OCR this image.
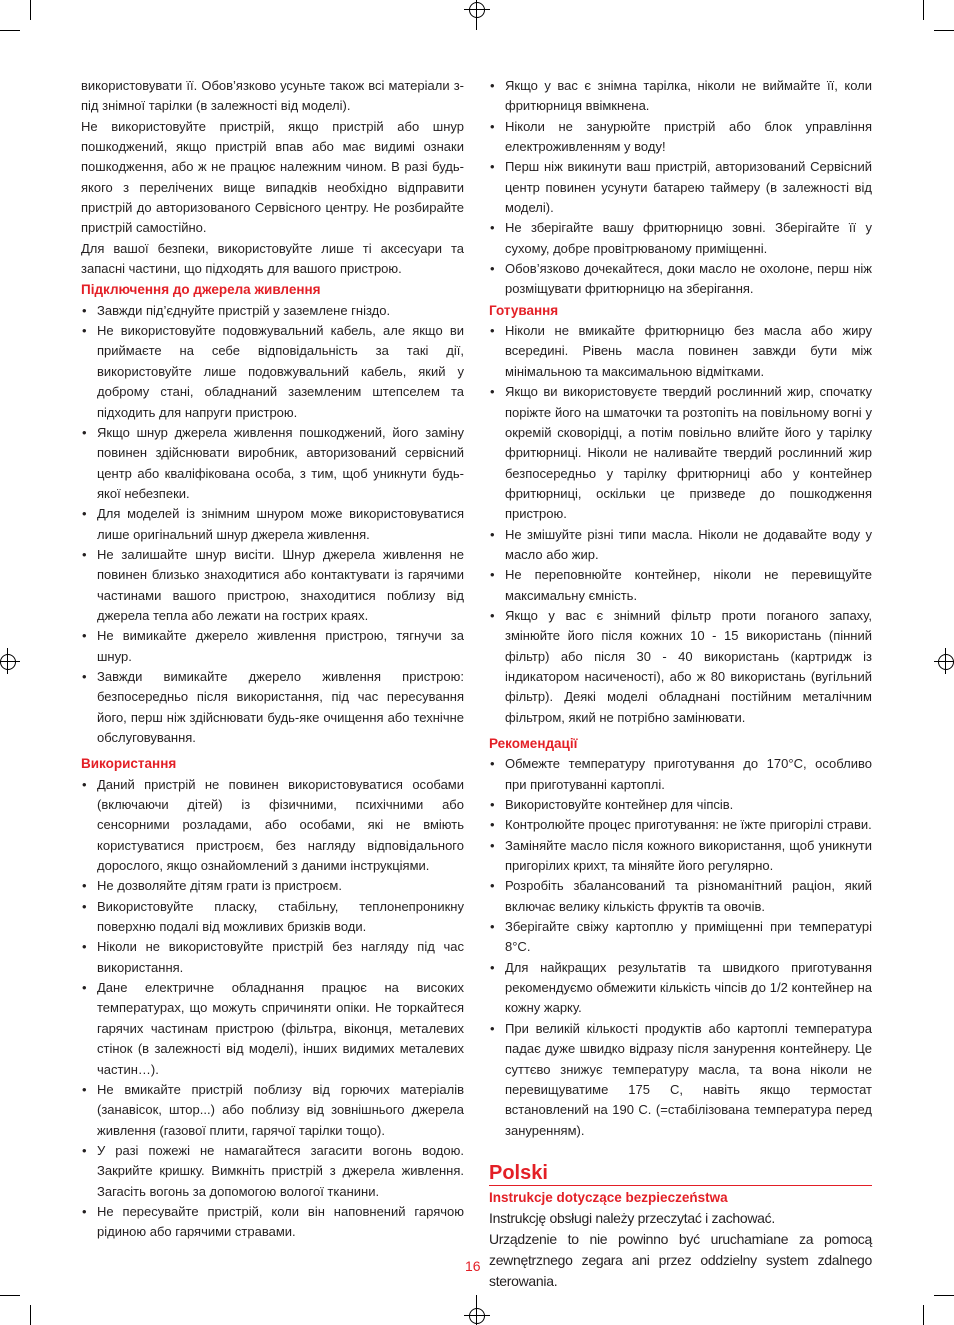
використовувати її. Обов’язково усуньте також всі матеріали з-під знімної тарілки (в залежності від моделі).

Не використовуйте пристрій, якщо пристрій або шнур пошкоджений, якщо пристрій впав або має видимі ознаки пошкодження, або ж не працює належним чином. В разі будь-якого з перелічених вище випадків необхідно відправити пристрій до авторизованого Сервісного центру. Не розбирайте пристрій самостійно.

Для вашої безпеки, використовуйте лише ті аксесуари та запасні частини, що підходять для вашого пристрою.

Підключення до джерела живлення
• Завжди під’єднуйте пристрій у заземлене гніздо.
• Не використовуйте подовжувальний кабель, але якщо ви приймаєте на себе відповідальність за такі дії, використовуйте лише подовжувальний кабель, який у доброму стані, обладнаний заземленим штепселем та підходить для напруги пристрою.
• Якщо шнур джерела живлення пошкоджений, його заміну повинен здійснювати виробник, авторизований сервісний центр або кваліфікована особа, з тим, щоб уникнути будь-якої небезпеки.
• Для моделей із знімним шнуром може використовуватися лише оригінальний шнур джерела живлення.
• Не залишайте шнур висіти. Шнур джерела живлення не повинен близько знаходитися або контактувати із гарячими частинами вашого пристрою, знаходитися поблизу від джерела тепла або лежати на гострих краях.
• Не вимикайте джерело живлення пристрою, тягнучи за шнур.
• Завжди вимикайте джерело живлення пристрою: безпосередньо після використання, під час пересування його, перш ніж здійснювати будь-яке очищення або технічне обслуговування.
Використання
• Даний пристрій не повинен використовуватися особами (включаючи дітей) із фізичними, психічними або сенсорними розладами, або особами, які не вміють користуватися пристроєм, без нагляду відповідального дорослого, якщо ознайомлений з даними інструкціями.
• Не дозволяйте дітям грати із пристроєм.
• Використовуйте пласку, стабільну, теплонепроникну поверхню подалі від можливих бризків води.
• Ніколи не використовуйте пристрій без нагляду під час використання.
• Дане електричне обладнання працює на високих температурах, що можуть спричиняти опіки. Не торкайтеся гарячих частинам пристрою (фільтра, віконця, металевих стінок (в залежності від моделі), інших видимих металевих частин…).
• Не вмикайте пристрій поблизу від горючих матеріалів (занавісок, штор...) або поблизу від зовнішнього джерела живлення (газової плити, гарячої тарілки тощо).
• У разі пожежі не намагайтеся загасити вогонь водою. Закрийте кришку. Вимкніть пристрій з джерела живлення. Загасіть вогонь за допомогою вологої тканини.
• Не пересувайте пристрій, коли він наповнений гарячою рідиною або гарячими стравами.
• Якщо у вас є знімна тарілка, ніколи не виймайте її, коли фритюрниця ввімкнена.
• Ніколи не занурюйте пристрій або блок управління електроживленням у воду!
• Перш ніж викинути ваш пристрій, авторизований Сервісний центр повинен усунути батарею таймеру (в залежності від моделі).
• Не зберігайте вашу фритюрницю зовні. Зберігайте її у сухому, добре провітрюваному приміщенні.
• Обов’язково дочекайтеся, доки масло не охолоне, перш ніж розміщувати фритюрницю на зберігання.
Готування
• Ніколи не вмикайте фритюрницю без масла або жиру всередині. Рівень масла повинен завжди бути між мінімальною та максимальною відмітками.
• Якщо ви використовуєте твердий рослинний жир, спочатку поріжте його на шматочки та розтопіть на повільному вогні у окремій сковорідці, а потім повільно влийте його у тарілку фритюрниці. Ніколи не наливайте твердий рослинний жир безпосередньо у тарілку фритюрниці або у контейнер фритюрниці, оскільки це призведе до пошкодження пристрою.
• Не змішуйте різні типи масла. Ніколи не додавайте воду у масло або жир.
• Не переповнюйте контейнер, ніколи не перевищуйте максимальну ємність.
• Якщо у вас є знімний фільтр проти поганого запаху, змінюйте його після кожних 10 - 15 використань (пінний фільтр) або після 30 - 40 використань (картридж із індикатором насиченості), або ж 80 використань (вугільний фільтр). Деякі моделі обладнані постійним металічним фільтром, який не потрібно замінювати.
Рекомендації
• Обмежте температуру приготування до 170°C, особливо при приготуванні картоплі.
• Використовуйте контейнер для чіпсів.
• Контролюйте процес приготування: не їжте пригорілі страви.
• Заміняйте масло після кожного використання, щоб уникнути пригорілих крихт, та міняйте його регулярно.
• Розробіть збалансований та різноманітний раціон, який включає велику кількість фруктів та овочів.
• Зберігайте свіжу картоплю у приміщенні при температурі 8°C.
• Для найкращих результатів та швидкого приготування рекомендуємо обмежити кількість чіпсів до 1/2 контейнер на кожну жарку.
• При великій кількості продуктів або картоплі температура падає дуже швидко відразу після занурення контейнеру. Це суттєво знижує температуру масла, та вона ніколи не перевищуватиме 175 С, навіть якщо термостат встановлений на 190 С. (=стабілізована температура перед зануренням).
Polski
Instrukcje dotyczące bezpieczeństwa

Instrukcję obsługi należy przeczytać i zachować.

Urządzenie to nie powinno być uruchamiane za pomocą zewnętrznego zegara ani przez oddzielny system zdalnego sterowania.

16
